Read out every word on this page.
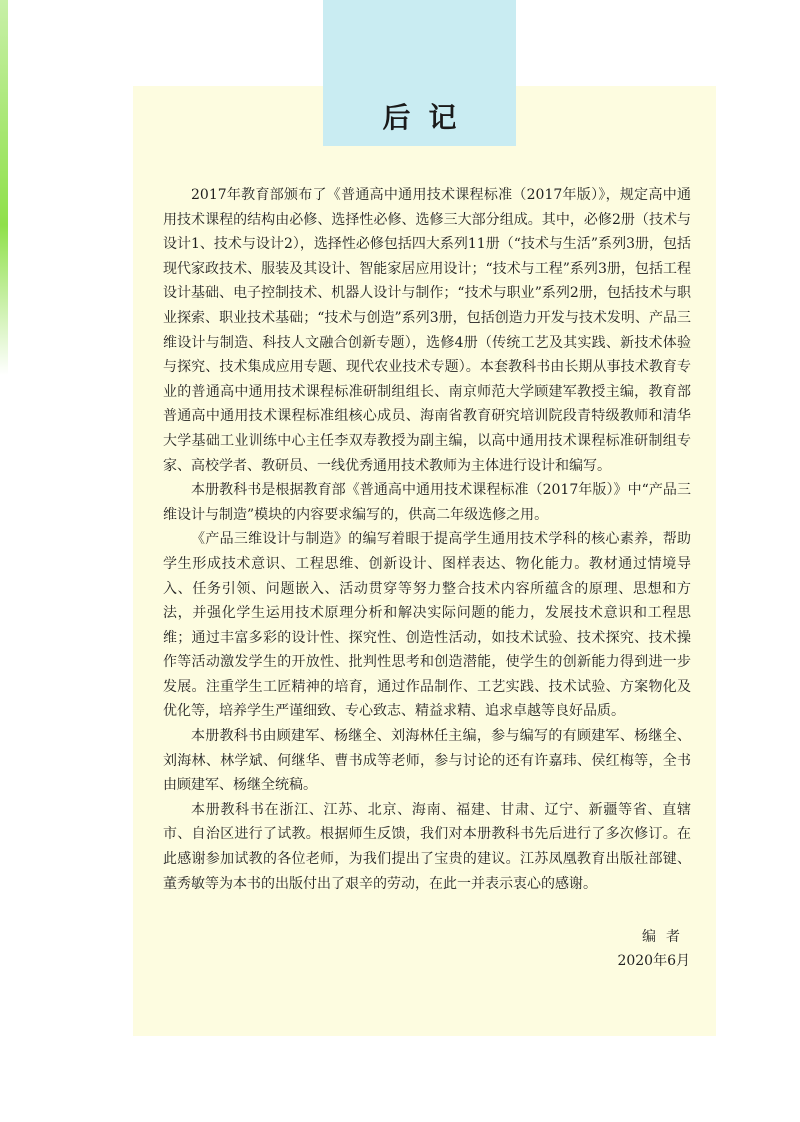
后记

2017年教育部颁布了《普通高中通用技术课程标准（2017年版）》，规定高中通用技术课程的结构由必修、选择性必修、选修三大部分组成。其中，必修2册（技术与设计1、技术与设计2），选择性必修包括四大系列11册（“技术与生活”系列3册，包括现代家政技术、服装及其设计、智能家居应用设计；“技术与工程”系列3册，包括工程设计基础、电子控制技术、机器人设计与制作；“技术与职业”系列2册，包括技术与职业探索、职业技术基础；“技术与创造”系列3册，包括创造力开发与技术发明、产品三维设计与制造、科技人文融合创新专题），选修4册（传统工艺及其实践、新技术体验与探究、技术集成应用专题、现代农业技术专题）。本套教科书由长期从事技术教育专业的普通高中通用技术课程标准研制组组长、南京师范大学顾建军教授主编，教育部普通高中通用技术课程标准组核心成员、海南省教育研究培训院段青特级教师和清华大学基础工业训练中心主任李双寿教授为副主编，以高中通用技术课程标准研制组专家、高校学者、教研员、一线优秀通用技术教师为主体进行设计和编写。

本册教科书是根据教育部《普通高中通用技术课程标准（2017年版）》中“产品三维设计与制造”模块的内容要求编写的，供高二年级选修之用。

《产品三维设计与制造》的编写着眼于提高学生通用技术学科的核心素养，帮助学生形成技术意识、工程思维、创新设计、图样表达、物化能力。教材通过情境导入、任务引领、问题嵌入、活动贯穿等努力整合技术内容所蕴含的原理、思想和方法，并强化学生运用技术原理分析和解决实际问题的能力，发展技术意识和工程思维；通过丰富多彩的设计性、探究性、创造性活动，如技术试验、技术探究、技术操作等活动激发学生的开放性、批判性思考和创造潜能，使学生的创新能力得到进一步发展。注重学生工匠精神的培育，通过作品制作、工艺实践、技术试验、方案物化及优化等，培养学生严谨细致、专心致志、精益求精、追求卓越等良好品质。

本册教科书由顾建军、杨继全、刘海林任主编，参与编写的有顾建军、杨继全、刘海林、林学斌、何继华、曹书成等老师，参与讨论的还有许嘉玮、侯红梅等，全书由顾建军、杨继全统稿。

本册教科书在浙江、江苏、北京、海南、福建、甘肃、辽宁、新疆等省、直辖市、自治区进行了试教。根据师生反馈，我们对本册教科书先后进行了多次修订。在此感谢参加试教的各位老师，为我们提出了宝贵的建议。江苏凤凰教育出版社部键、董秀敏等为本书的出版付出了艰辛的劳动，在此一并表示衷心的感谢。

编者
2020年6月
